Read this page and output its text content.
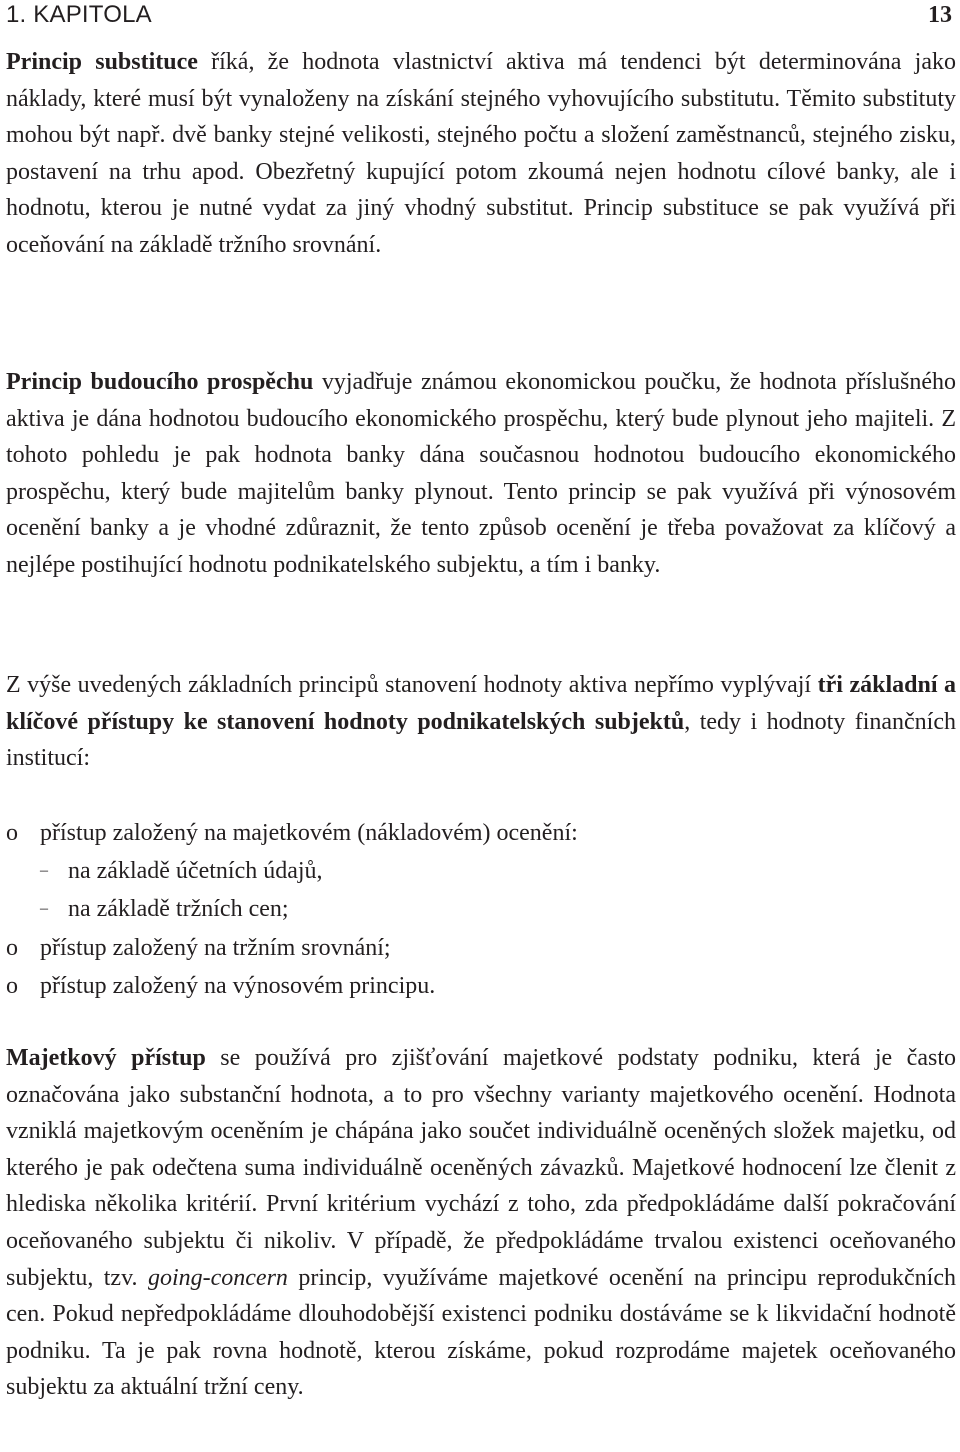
1. KAPITOLA	13

Princip substituce říká, že hodnota vlastnictví aktiva má tendenci být determinována jako náklady, které musí být vynaloženy na získání stejného vyhovujícího substitutu. Těmito substituty mohou být např. dvě banky stejné velikosti, stejného počtu a složení zaměstnanců, stejného zisku, postavení na trhu apod. Obezřetný kupující potom zkoumá nejen hodnotu cílové banky, ale i hodnotu, kterou je nutné vydat za jiný vhodný substitut. Princip substituce se pak využívá při oceňování na základě tržního srovnání.

Princip budoucího prospěchu vyjadřuje známou ekonomickou poučku, že hodnota příslušného aktiva je dána hodnotou budoucího ekonomického prospěchu, který bude plynout jeho majiteli. Z tohoto pohledu je pak hodnota banky dána současnou hodnotou budoucího ekonomického prospěchu, který bude majitelům banky plynout. Tento princip se pak využívá při výnosovém ocenění banky a je vhodné zdůraznit, že tento způsob ocenění je třeba považovat za klíčový a nejlépe postihující hodnotu podnikatelského subjektu, a tím i banky.

Z výše uvedených základních principů stanovení hodnoty aktiva nepřímo vyplývají tři základní a klíčové přístupy ke stanovení hodnoty podnikatelských subjektů, tedy i hodnoty finančních institucí:

o přístup založený na majetkovém (nákladovém) ocenění:
– na základě účetních údajů,
– na základě tržních cen;
o přístup založený na tržním srovnání;
o přístup založený na výnosovém principu.

Majetkový přístup se používá pro zjišťování majetkové podstaty podniku, která je často označována jako substanční hodnota, a to pro všechny varianty majetkového ocenění. Hodnota vzniklá majetkovým oceněním je chápána jako součet individuálně oceněných složek majetku, od kterého je pak odečtena suma individuálně oceněných závazků. Majetkové hodnocení lze členit z hlediska několika kritérií. První kritérium vychází z toho, zda předpokládáme další pokračování oceňovaného subjektu či nikoliv. V případě, že předpokládáme trvalou existenci oceňovaného subjektu, tzv. going-concern princip, využíváme majetkové ocenění na principu reprodukčních cen. Pokud nepředpokládáme dlouhodobější existenci podniku dostáváme se k likvidační hodnotě podniku. Ta je pak rovna hodnotě, kterou získáme, pokud rozprodáme majetek oceňovaného subjektu za aktuální tržní ceny.
